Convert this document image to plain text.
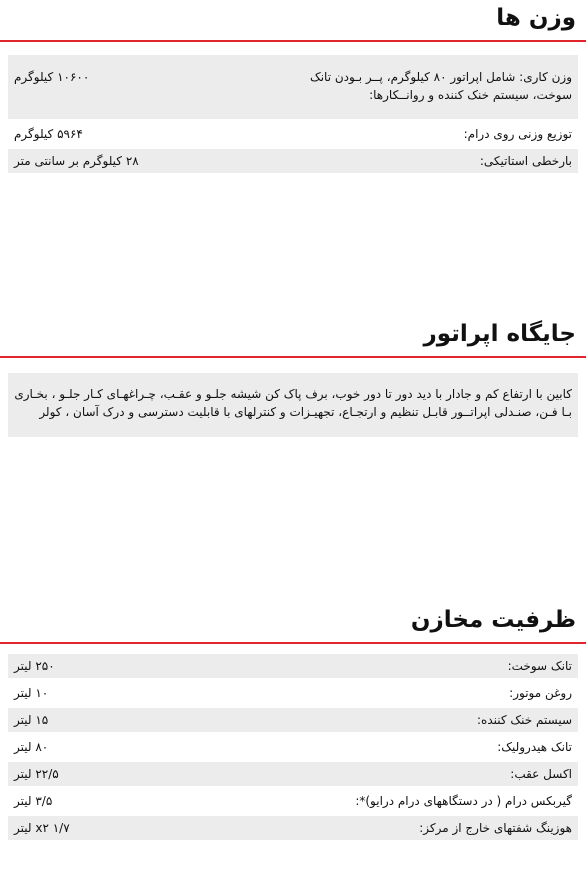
وزن ها
وزن کاری: شامل اپراتور ۸۰ کیلوگرم، پــر بـودن تانک سوخت، سیستم خنک کننده و روانــکارها:
۱۰۶۰۰ کیلوگرم
توزیع وزنی روی درام:
۵۹۶۴ کیلوگرم
بارخطی استاتیکی:
۲۸ کیلوگرم بر سانتی متر
جایگاه اپراتور
کابین با ارتفاع کم و جادار با دید دور تا دور خوب، برف پاک کن شیشه جلـو و عقـب، چـراغهـای کـار جلـو ، بخـاری بـا فـن، صنـدلی اپراتــور قابـل تنظیم و ارتجـاع، تجهیـزات و کنترلهای با قابلیت دسترسی و درک آسان ، کولر
ظرفیت مخازن
تانک سوخت:
۲۵۰ لیتر
روغن موتور:
۱۰ لیتر
سیستم خنک کننده:
۱۵ لیتر
تانک هیدرولیک:
۸۰ لیتر
اکسل عقب:
۲۲/۵ لیتر
گیربکس درام ( در دستگاههای درام درایو)*:
۳/۵ لیتر
هوزینگ شفتهای خارج از مرکز:
۱/۷ x۲ لیتر
